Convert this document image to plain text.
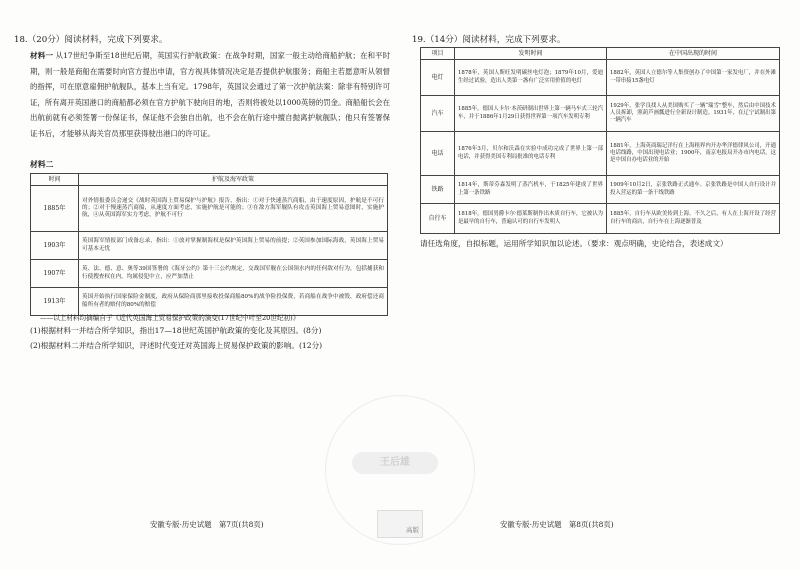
18.（20分）阅读材料，完成下列要求。
材料一 从17世纪争斯至18世纪后期，英国实行护航政策：在战争时期，国家一般主动给商船护航；在和平时期，则一般是商船在需要时向官方提出申请，官方视具体情况决定是否提供护航服务；商船主若愿意听从领督的指挥，可在原意雇佣护航舰队，基本上当有定。1798年，英国议会通过了第一次护航法案：除非有特别许可证，所有离开英国港口的商船都必须在官方护航下驶向目的地，否则将被处以1000英镑的罚金。商船船长会在出航前就有必须签署一份保证书，保证他不会独自出航，也不会在航行途中擅自抛离护航舰队；他只有签署保证书后，才能够从海关官员那里获得驶出港口的许可证。
材料二
时间	护航及海军政策
1885年	对外情报委员会递交《战时英国海上贸易保护与护航》报告，指出：①对于快速蒸汽商船，由于速度原因，护航是不可行的；②对于慢速蒸汽商船，从速度方面考虑，实施护航是可能的；③在敌方海军舰队有攻击英国海上贸易意图时，实施护航，④从英国海军实力考虑，护航不可行
1903年	英国海军情报部门成备忘录，指出：①放对掌握制海权是保护英国海上贸易的前提；②英国参加国际海战，英国海上贸易可基本无忧
1907年	英、法、德、意、奥等39国签署的《海牙公约》第十三公约规定，交战国军舰在公国领水内的任何敌对行为，包括捕获和行使搜查权在内，均属侵犯中立，应严加禁止
1913年	英国开始执行国家保险金制度，政府从保险商那里接收投保商船80%的战争险投保费，若商船在战争中被毁，政府偿还商船所有者的赔付的80%的赔偿
——以上材料均摘编自于《近代英国海上贸易保护政策的演变(17世纪中叶至20世纪初)》
(1)根据材料一并结合所学知识，指出17—18世纪英国护航政策的变化及其原因。(8分)
(2)根据材料二并结合所学知识，评述时代变迁对英国海上贸易保护政策的影响。(12分)
安徽专版·历史试题　第7页(共8页)
19.（14分）阅读材料，完成下列要求。
项目	发明时间	在中国出现的时间
电灯	1878年，英国人斯旺发明碳丝电灯泡；1879年10月，爱迪生经过试验，造出人类第一盏有广泛实用价值的电灯	1882年，英国人立德尔等人集资创办了中国第一家发电厂，并在外滩一带串接15盏电灯
汽车	1885年，德国人卡尔·本茨研制出世界上第一辆马车式三轮汽车，并于1886年1月29日获得世界第一项汽车发明专利	1929年，张学良找人从美国购买了一辆“瑞雪”整车，然后由中国技术人员拆卸，照葫芦画瓢进行全新设计制造。1931年，在辽宁试制出第一辆汽车
电话	1876年3月，贝尔和沃森在实验中成功完成了世界上第一部电话，并获得美国专利局批准的电话专利	1881年，上海英商瑞记洋行在上海租界内开办华洋德律风公司，开通电话线路，中国出现电话业；1900年，南京电报局开办市内电话，这是中国自办电话业的开始
铁路	1814年，斯蒂芬森发明了蒸汽机车，于1825年建成了世界上第一条铁路	1909年10月2日，京张铁路正式通车。京张铁路是中国人自行设计并投入营运的第一条干线铁路
自行车	1818年，德国男爵卡尔·德莱斯制作出木质自行车，它被认为是最早的自行车，普遍认可的自行车发明人	1885年，自行车从欧美传到上海。不久之后，有人在上海开设了经营自行车的商店，自行车在上海逐渐普及
请任选角度，自拟标题，运用所学知识加以论述。（要求：观点明确，史论结合，表述成文）
安徽专版·历史试题　第8页(共8页)
王后雄
高版
